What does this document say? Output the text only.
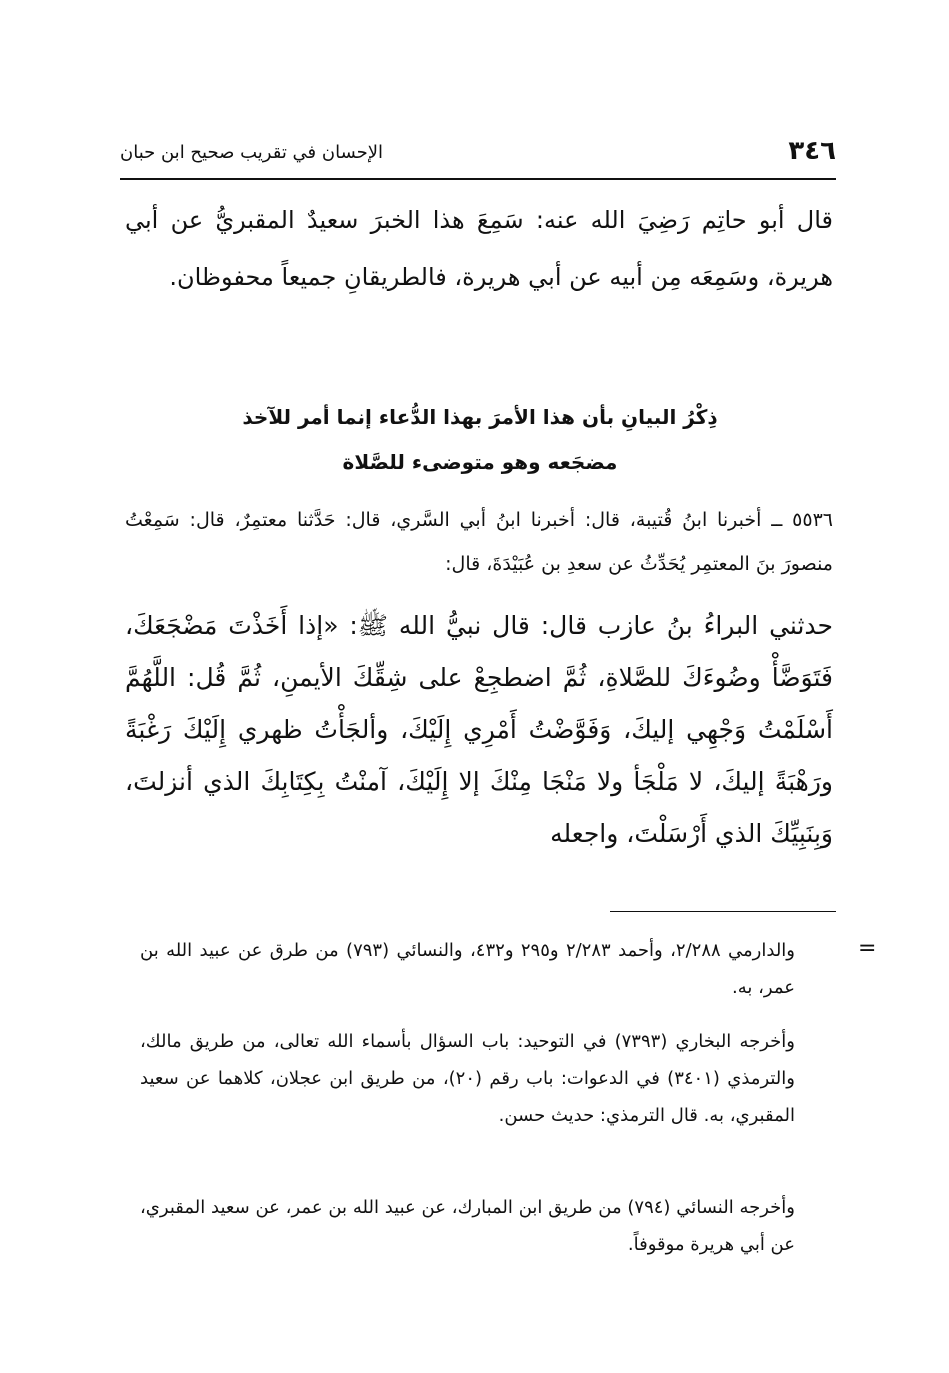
٣٤٦
الإحسان في تقريب صحيح ابن حبان
قال أبو حاتِم رَضِيَ الله عنه: سَمِعَ هذا الخبرَ سعيدٌ المقبريُّ عن أبي هريرة، وسَمِعَه مِن أبيه عن أبي هريرة، فالطريقانِ جميعاً محفوظان.
ذِكْرُ البيانِ بأن هذا الأمرَ بهذا الدُّعاء إنما أمر للآخذ
مضجَعه وهو متوضىء للصَّلاة
٥٥٣٦ ــ أخبرنا ابنُ قُتيبة، قال: أخبرنا ابنُ أبي السَّري، قال: حَدَّثنا معتمِرٌ، قال: سَمِعْتُ منصورَ بنَ المعتمِر يُحَدِّثُ عن سعدِ بن عُبَيْدَةَ، قال:
حدثني البراءُ بنُ عازب قال: قال نبيُّ الله ﷺ: «إذا أَخَذْتَ مَضْجَعَكَ، فَتَوَضَّأْ وضُوءَكَ للصَّلاةِ، ثُمَّ اضطجِعْ على شِقِّكَ الأيمنِ، ثُمَّ قُل: اللَّهُمَّ أَسْلَمْتُ وَجْهِي إليكَ، وَفَوَّضْتُ أَمْرِي إِلَيْكَ، وألجَأْتُ ظهري إِلَيْكَ رَغْبَةً ورَهْبَةً إليكَ، لا مَلْجَأ ولا مَنْجَا مِنْكَ إلا إِلَيْكَ، آمنْتُ بِكِتَابِكَ الذي أنزلتَ، وَبِنَبِيِّكَ الذي أَرْسَلْتَ، واجعله
=
والدارمي ٢/٢٨٨، وأحمد ٢/٢٨٣ و٢٩٥ و٤٣٢، والنسائي (٧٩٣) من طرق عن عبيد الله بن عمر، به.
وأخرجه البخاري (٧٣٩٣) في التوحيد: باب السؤال بأسماء الله تعالى، من طريق مالك، والترمذي (٣٤٠١) في الدعوات: باب رقم (٢٠)، من طريق ابن عجلان، كلاهما عن سعيد المقبري، به. قال الترمذي: حديث حسن.
وأخرجه النسائي (٧٩٤) من طريق ابن المبارك، عن عبيد الله بن عمر، عن سعيد المقبري، عن أبي هريرة موقوفاً.
